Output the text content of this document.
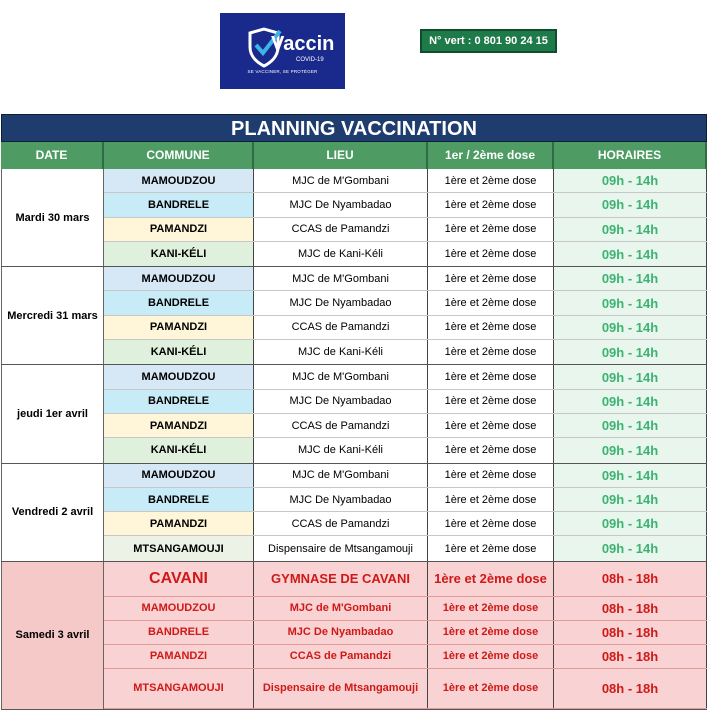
Vaccin
COVID-19
SE VACCINER, SE PROTÉGER
N° vert : 0 801 90 24 15
PLANNING VACCINATION
DATE	COMMUNE	LIEU	1er / 2ème dose	HORAIRES
Mardi 30 mars
MAMOUDZOU	MJC de M'Gombani	1ère et 2ème dose	09h - 14h
BANDRELE	MJC De Nyambadao	1ère et 2ème dose	09h - 14h
PAMANDZI	CCAS de Pamandzi	1ère et 2ème dose	09h - 14h
KANI-KÉLI	MJC de Kani-Kéli	1ère et 2ème dose	09h - 14h
Mercredi 31 mars
MAMOUDZOU	MJC de M'Gombani	1ère et 2ème dose	09h - 14h
BANDRELE	MJC De Nyambadao	1ère et 2ème dose	09h - 14h
PAMANDZI	CCAS de Pamandzi	1ère et 2ème dose	09h - 14h
KANI-KÉLI	MJC de Kani-Kéli	1ère et 2ème dose	09h - 14h
jeudi 1er avril
MAMOUDZOU	MJC de M'Gombani	1ère et 2ème dose	09h - 14h
BANDRELE	MJC De Nyambadao	1ère et 2ème dose	09h - 14h
PAMANDZI	CCAS de Pamandzi	1ère et 2ème dose	09h - 14h
KANI-KÉLI	MJC de Kani-Kéli	1ère et 2ème dose	09h - 14h
Vendredi 2 avril
MAMOUDZOU	MJC de M'Gombani	1ère et 2ème dose	09h - 14h
BANDRELE	MJC De Nyambadao	1ère et 2ème dose	09h - 14h
PAMANDZI	CCAS de Pamandzi	1ère et 2ème dose	09h - 14h
MTSANGAMOUJI	Dispensaire de Mtsangamouji	1ère et 2ème dose	09h - 14h
Samedi 3 avril
CAVANI	GYMNASE DE CAVANI	1ère et 2ème dose	08h - 18h
MAMOUDZOU	MJC de M'Gombani	1ère et 2ème dose	08h - 18h
BANDRELE	MJC De Nyambadao	1ère et 2ème dose	08h - 18h
PAMANDZI	CCAS de Pamandzi	1ère et 2ème dose	08h - 18h
MTSANGAMOUJI	Dispensaire de Mtsangamouji	1ère et 2ème dose	08h - 18h
